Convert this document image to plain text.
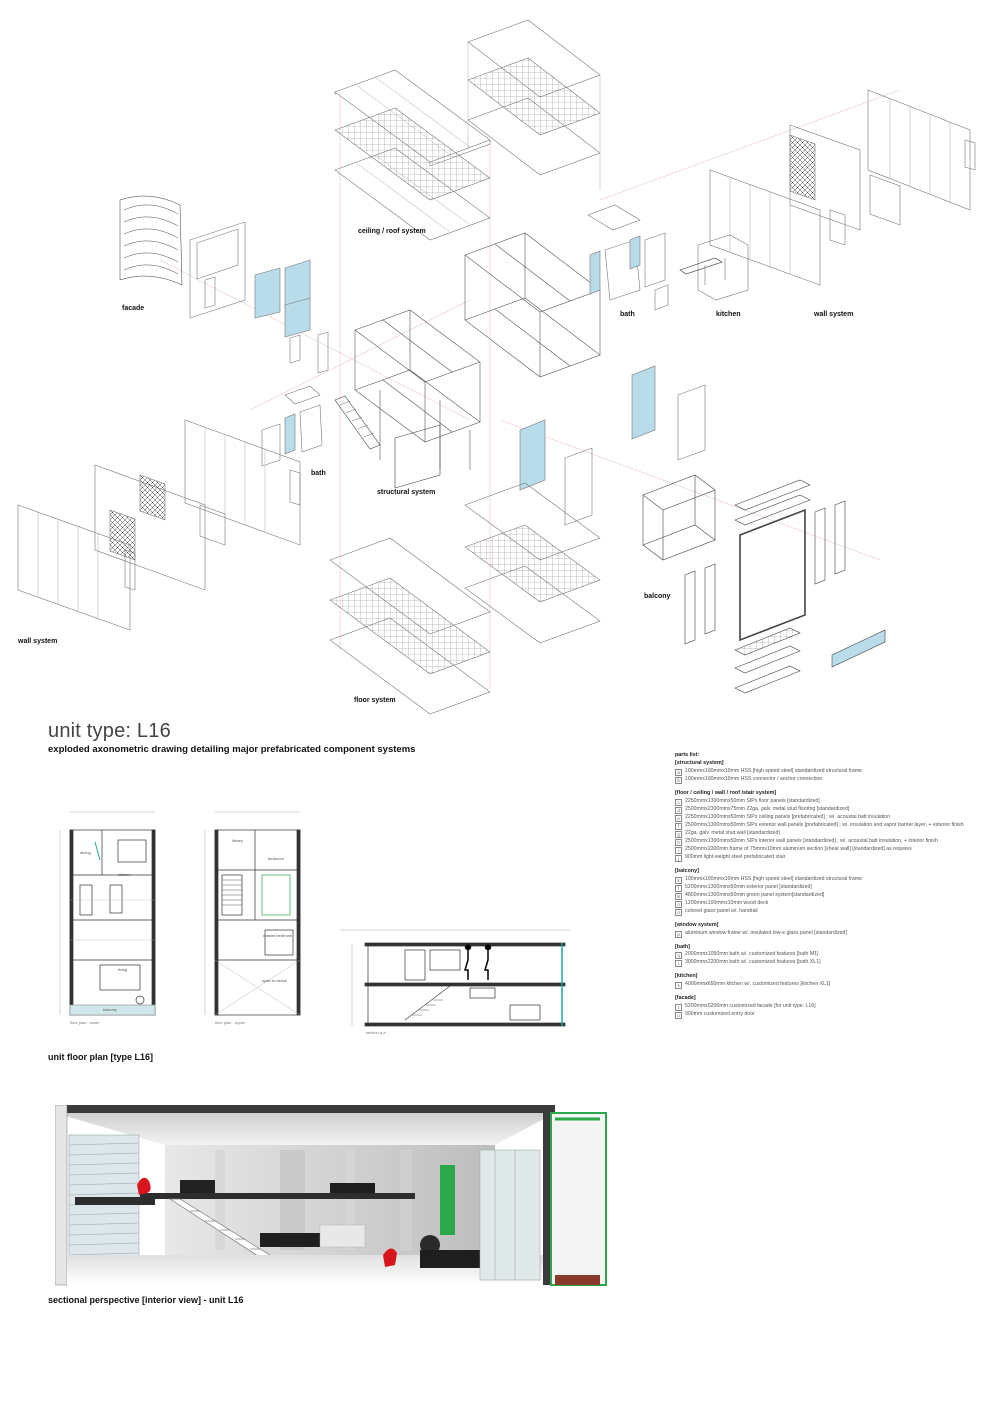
ceiling / roof system
facade
bath	kitchen	wall system
bath
structural system
wall system
balcony
floor system
unit type: L16
exploded axonometric drawing detailing major prefabricated component systems	parts list:
[structural system]
a	100mmx100mmx10mm HSS [high speed steel] standardized structural frame
b	100mmx100mmx10mm HSS connector / anchor connection
[floor / ceiling / wall / roof /stair system]
c	2250mmx1300mmx50mm SIPs floor panels [standardized]
d	2500mmx2300mmx75mm 22ga. galv. metal stud flooring [standardized]
e	2250mmx1300mmx50mm SIPs ceiling panels [prefabricated] ; w/. acoustal batt insulation
f	2500mmx1300mmx50mm SIPs exterior wall panels [prefabricated] ; w/. insulation and vapor barrier layer, + exterior finish
g	22ga. galv. metal stud wall [standardized]
h	2500mmx1300mmx50mm SIPs interior wall panels [standardized] ; w/. acoustal batt insulation, + interior finish
i	2500mmx2300mm frame of 75mmx10mm aluminum section [shear wall] [standardized] as requires
j	900mm light-weight steel prefabricated stair
[balcony]
k	100mmx100mmx10mm HSS [high speed steel] standardized structural frame
l	5200mmx1300mmx50mm exterior panel [standardized]
m 4800mmx1300mmx50mm green panel system[standardized]
n	1200mmx100mmx10mm wood deck
o	colored glass panel w/. handrail
[window system]
p	aluminum window frame w/. insulated low-e glass panel [standardized]
[bath]
q	2000mmx1050mm bath w/. customized features [bath M1]
r	3000mmx2200mm bath w/. customized features [bath XL1]
[kitchen]
s	4000mmx650mm kitchen w/. customized features [kitchen XL1]
[facade]
t	5200mmx5200mm customized facade [for unit type: L16]
u	900mm customized entry door
dining
kitchen
living
balcony
library
bedroom
master bedroom
open to below
floor plan - lower	floor plan - upper
section a-a
unit floor plan [type L16]
sectional perspective [interior view] - unit L16
